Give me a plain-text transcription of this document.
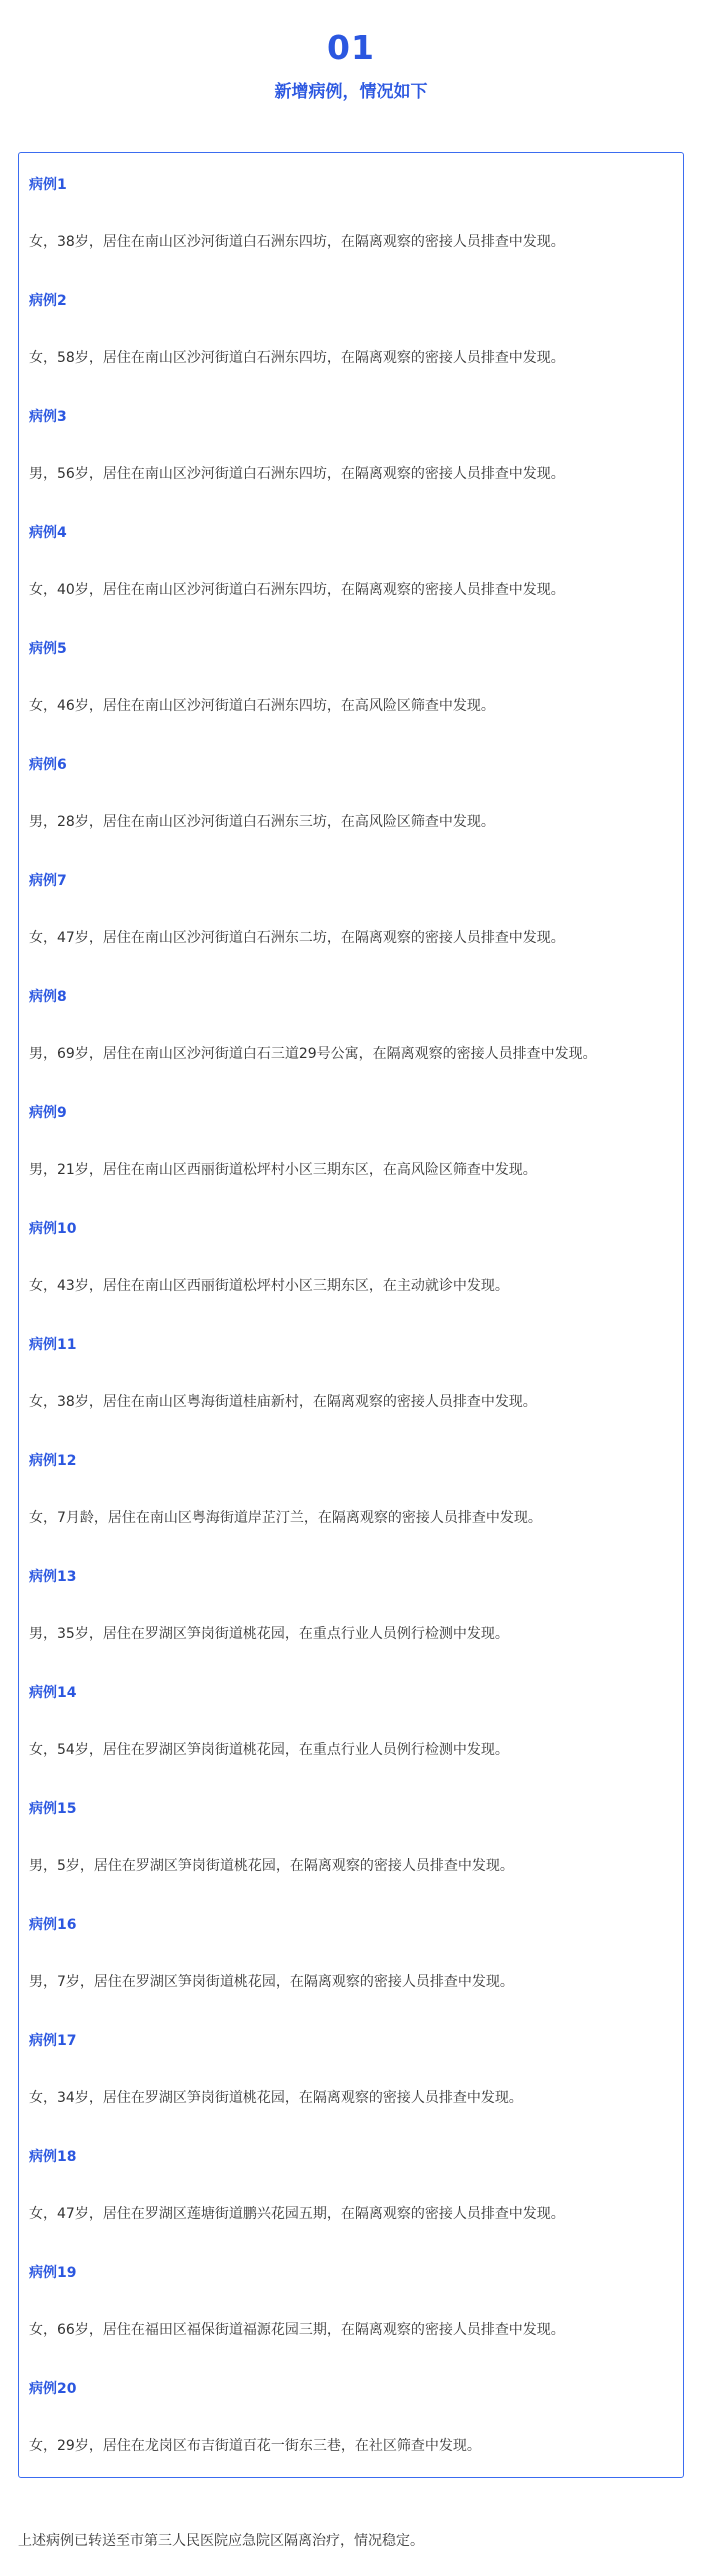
01
新增病例，情况如下
病例1
女，38岁，居住在南山区沙河街道白石洲东四坊，在隔离观察的密接人员排查中发现。
病例2
女，58岁，居住在南山区沙河街道白石洲东四坊，在隔离观察的密接人员排查中发现。
病例3
男，56岁，居住在南山区沙河街道白石洲东四坊，在隔离观察的密接人员排查中发现。
病例4
女，40岁，居住在南山区沙河街道白石洲东四坊，在隔离观察的密接人员排查中发现。
病例5
女，46岁，居住在南山区沙河街道白石洲东四坊，在高风险区筛查中发现。
病例6
男，28岁，居住在南山区沙河街道白石洲东三坊，在高风险区筛查中发现。
病例7
女，47岁，居住在南山区沙河街道白石洲东二坊，在隔离观察的密接人员排查中发现。
病例8
男，69岁，居住在南山区沙河街道白石三道29号公寓，在隔离观察的密接人员排查中发现。
病例9
男，21岁，居住在南山区西丽街道松坪村小区三期东区，在高风险区筛查中发现。
病例10
女，43岁，居住在南山区西丽街道松坪村小区三期东区，在主动就诊中发现。
病例11
女，38岁，居住在南山区粤海街道桂庙新村，在隔离观察的密接人员排查中发现。
病例12
女，7月龄，居住在南山区粤海街道岸芷汀兰，在隔离观察的密接人员排查中发现。
病例13
男，35岁，居住在罗湖区笋岗街道桃花园，在重点行业人员例行检测中发现。
病例14
女，54岁，居住在罗湖区笋岗街道桃花园，在重点行业人员例行检测中发现。
病例15
男，5岁，居住在罗湖区笋岗街道桃花园，在隔离观察的密接人员排查中发现。
病例16
男，7岁，居住在罗湖区笋岗街道桃花园，在隔离观察的密接人员排查中发现。
病例17
女，34岁，居住在罗湖区笋岗街道桃花园，在隔离观察的密接人员排查中发现。
病例18
女，47岁，居住在罗湖区莲塘街道鹏兴花园五期，在隔离观察的密接人员排查中发现。
病例19
女，66岁，居住在福田区福保街道福源花园三期，在隔离观察的密接人员排查中发现。
病例20
女，29岁，居住在龙岗区布吉街道百花一街东三巷，在社区筛查中发现。
上述病例已转送至市第三人民医院应急院区隔离治疗，情况稳定。
